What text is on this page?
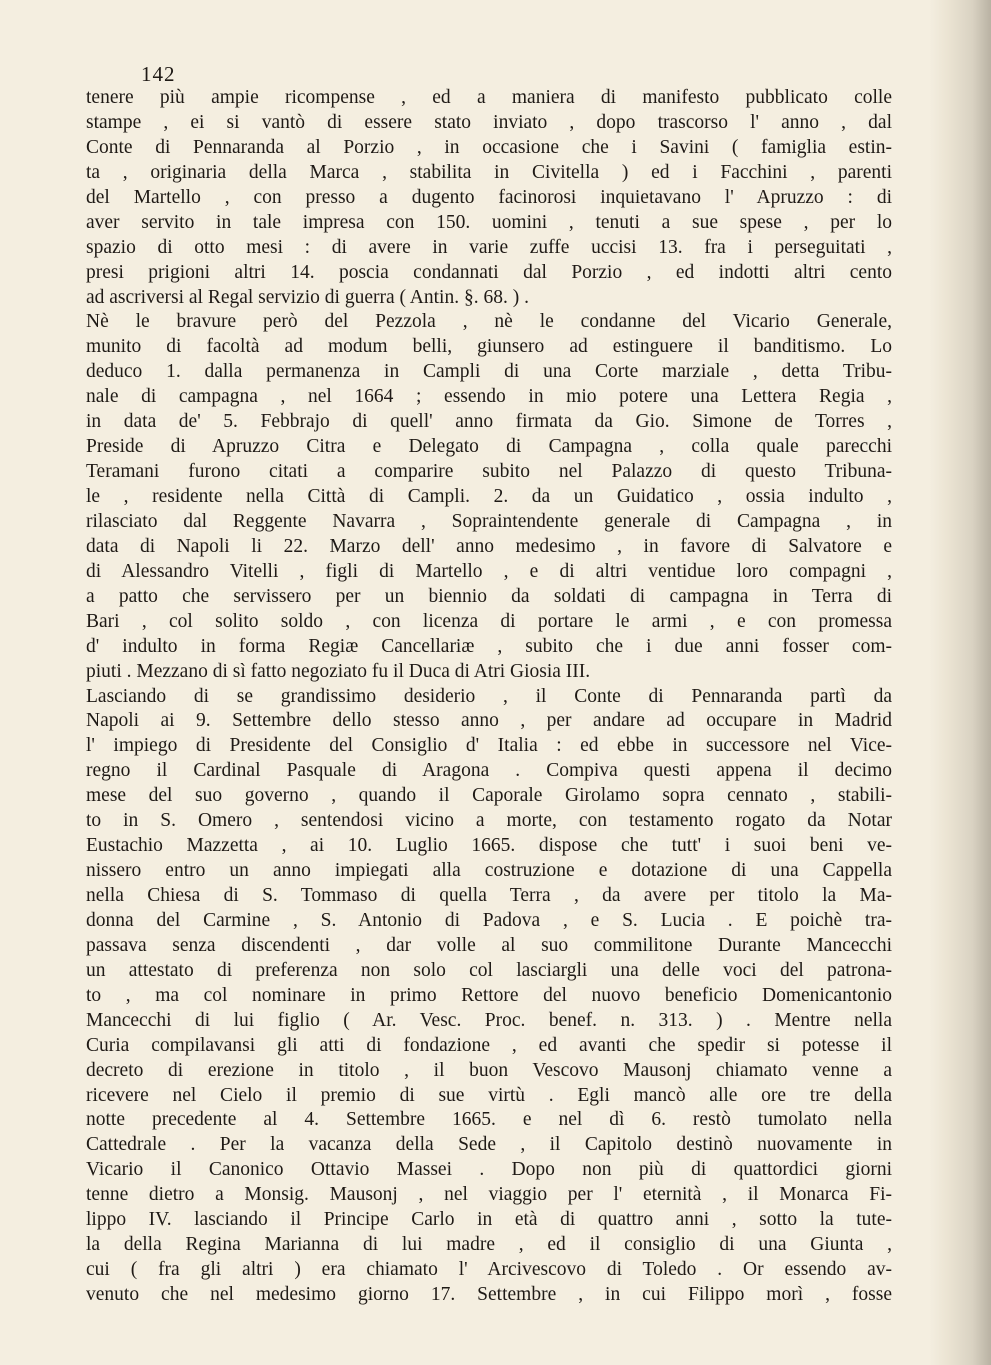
142
tenere più ampie ricompense , ed a maniera di manifesto pubblicato colle
stampe , ei si vantò di essere stato inviato , dopo trascorso l' anno , dal
Conte di Pennaranda al Porzio , in occasione che i Savini ( famiglia estin-
ta , originaria della Marca , stabilita in Civitella ) ed i Facchini , parenti
del Martello , con presso a dugento facinorosi inquietavano l' Apruzzo : di
aver servito in tale impresa con 150. uomini , tenuti a sue spese , per lo
spazio di otto mesi : di avere in varie zuffe uccisi 13. fra i perseguitati ,
presi prigioni altri 14. poscia condannati dal Porzio , ed indotti altri cento
ad ascriversi al Regal servizio di guerra ( Antin. §. 68. ) .
Nè le bravure però del Pezzola , nè le condanne del Vicario Generale,
munito di facoltà ad modum belli, giunsero ad estinguere il banditismo. Lo
deduco 1. dalla permanenza in Campli di una Corte marziale , detta Tribu-
nale di campagna , nel 1664 ; essendo in mio potere una Lettera Regia ,
in data de' 5. Febbrajo di quell' anno firmata da Gio. Simone de Torres ,
Preside di Apruzzo Citra e Delegato di Campagna , colla quale parecchi
Teramani furono citati a comparire subito nel Palazzo di questo Tribuna-
le , residente nella Città di Campli. 2. da un Guidatico , ossia indulto ,
rilasciato dal Reggente Navarra , Sopraintendente generale di Campagna , in
data di Napoli li 22. Marzo dell' anno medesimo , in favore di Salvatore e
di Alessandro Vitelli , figli di Martello , e di altri ventidue loro compagni ,
a patto che servissero per un biennio da soldati di campagna in Terra di
Bari , col solito soldo , con licenza di portare le armi , e con promessa
d' indulto in forma Regiæ Cancellariæ , subito che i due anni fosser com-
piuti . Mezzano di sì fatto negoziato fu il Duca di Atri Giosia III.
Lasciando di se grandissimo desiderio , il Conte di Pennaranda partì da
Napoli ai 9. Settembre dello stesso anno , per andare ad occupare in Madrid
l' impiego di Presidente del Consiglio d' Italia : ed ebbe in successore nel Vice-
regno il Cardinal Pasquale di Aragona . Compiva questi appena il decimo
mese del suo governo , quando il Caporale Girolamo sopra cennato , stabili-
to in S. Omero , sentendosi vicino a morte, con testamento rogato da Notar
Eustachio Mazzetta , ai 10. Luglio 1665. dispose che tutt' i suoi beni ve-
nissero entro un anno impiegati alla costruzione e dotazione di una Cappella
nella Chiesa di S. Tommaso di quella Terra , da avere per titolo la Ma-
donna del Carmine , S. Antonio di Padova , e S. Lucia . E poichè tra-
passava senza discendenti , dar volle al suo commilitone Durante Mancecchi
un attestato di preferenza non solo col lasciargli una delle voci del patrona-
to , ma col nominare in primo Rettore del nuovo beneficio Domenicantonio
Mancecchi di lui figlio ( Ar. Vesc. Proc. benef. n. 313. ) . Mentre nella
Curia compilavansi gli atti di fondazione , ed avanti che spedir si potesse il
decreto di erezione in titolo , il buon Vescovo Mausonj chiamato venne a
ricevere nel Cielo il premio di sue virtù . Egli mancò alle ore tre della
notte precedente al 4. Settembre 1665. e nel dì 6. restò tumolato nella
Cattedrale . Per la vacanza della Sede , il Capitolo destinò nuovamente in
Vicario il Canonico Ottavio Massei . Dopo non più di quattordici giorni
tenne dietro a Monsig. Mausonj , nel viaggio per l' eternità , il Monarca Fi-
lippo IV. lasciando il Principe Carlo in età di quattro anni , sotto la tute-
la della Regina Marianna di lui madre , ed il consiglio di una Giunta ,
cui ( fra gli altri ) era chiamato l' Arcivescovo di Toledo . Or essendo av-
venuto che nel medesimo giorno 17. Settembre , in cui Filippo morì , fosse
